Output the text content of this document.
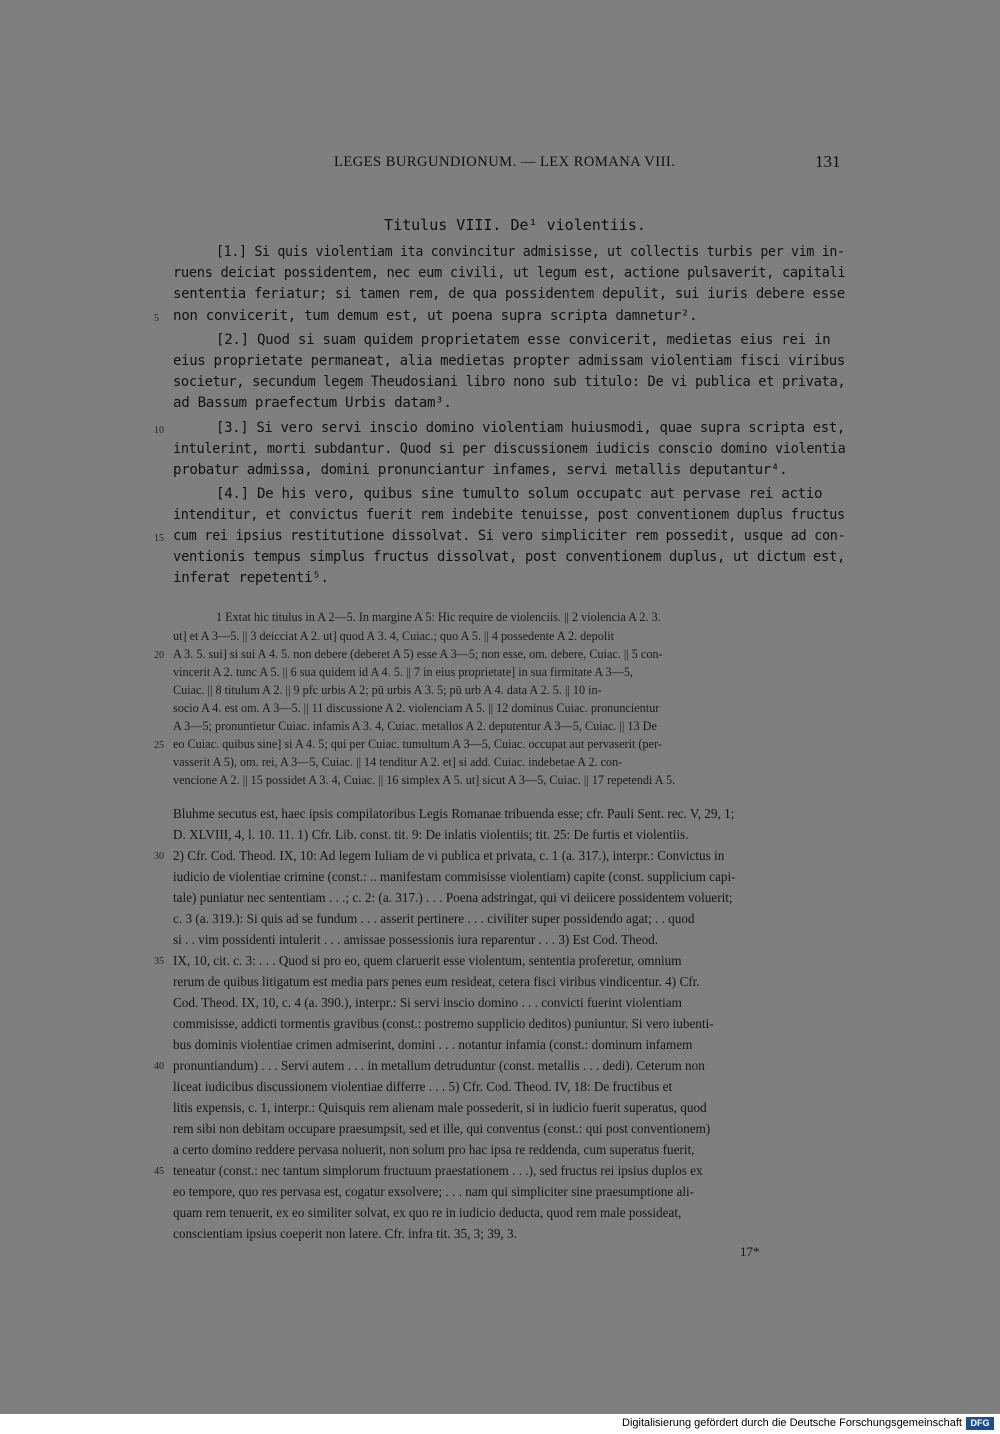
LEGES BURGUNDIONUM. — LEX ROMANA VIII.	131
Titulus VIII. De¹ violentiis.
[1.] Si quis violentiam ita convincitur admisisse, ut collectis turbis per vim in-
ruens deiciat possidentem, nec eum civili, ut legum est, actione pulsaverit, capitali
sententia feriatur; si tamen rem, de qua possidentem depulit, sui iuris debere esse
non convicerit, tum demum est, ut poena supra scripta damnetur².
[2.] Quod si suam quidem proprietatem esse convicerit, medietas eius rei in
eius proprietate permaneat, alia medietas propter admissam violentiam fisci viribus
societur, secundum legem Theudosiani libro nono sub titulo: De vi publica et privata,
ad Bassum praefectum Urbis datam³.
[3.] Si vero servi inscio domino violentiam huiusmodi, quae supra scripta est,
intulerint, morti subdantur. Quod si per discussionem iudicis conscio domino violentia
probatur admissa, domini pronunciantur infames, servi metallis deputantur⁴.
[4.] De his vero, quibus sine tumulto solum occupatc aut pervase rei actio
intenditur, et convictus fuerit rem indebite tenuisse, post conventionem duplus fructus
cum rei ipsius restitutione dissolvat. Si vero simpliciter rem possedit, usque ad con-
ventionis tempus simplus fructus dissolvat, post conventionem duplus, ut dictum est,
inferat repetenti⁵.
5
10
15
1 Extat hic titulus in A 2—5. In margine A 5: Hic require de violenciis. || 2 violencia A 2. 3.
ut] et A 3—5. || 3 deicciat A 2. ut] quod A 3. 4, Cuiac.; quo A 5. || 4 possedente A 2. depolit
A 3. 5. sui] si sui A 4. 5. non debere (deberet A 5) esse A 3—5; non esse, om. debere, Cuiac. || 5 con-
vincerit A 2. tunc A 5. || 6 sua quidem id A 4. 5. || 7 in eius proprietate] in sua firmitate A 3—5,
Cuiac. || 8 titulum A 2. || 9 pfc urbis A 2; pū urbis A 3. 5; pū urb A 4. data A 2. 5. || 10 in-
socio A 4. est om. A 3—5. || 11 discussione A 2. violenciam A 5. || 12 dominus Cuiac. pronuncientur
A 3—5; pronuntietur Cuiac. infamis A 3. 4, Cuiac. metallos A 2. deputentur A 3—5, Cuiac. || 13 De
eo Cuiac. quibus sine] si A 4. 5; qui per Cuiac. tumultum A 3—5, Cuiac. occupat aut pervaserit (per-
vasserit A 5), om. rei, A 3—5, Cuiac. || 14 tenditur A 2. et] si add. Cuiac. indebetae A 2. con-
vencione A 2. || 15 possidet A 3. 4, Cuiac. || 16 simplex A 5. ut] sicut A 3—5, Cuiac. || 17 repetendi A 5.
20
25
Bluhme secutus est, haec ipsis compilatoribus Legis Romanae tribuenda esse; cfr. Pauli Sent. rec. V, 29, 1;
D. XLVIII, 4, l. 10. 11. 1) Cfr. Lib. const. tit. 9: De inlatis violentiis; tit. 25: De furtis et violentiis.
2) Cfr. Cod. Theod. IX, 10: Ad legem Iuliam de vi publica et privata, c. 1 (a. 317.), interpr.: Convictus in
iudicio de violentiae crimine (const.: .. manifestam commisisse violentiam) capite (const. supplicium capi-
tale) puniatur nec sententiam . . .; c. 2: (a. 317.) . . . Poena adstringat, qui vi deiicere possidentem voluerit;
c. 3 (a. 319.): Si quis ad se fundum . . . asserit pertinere . . . civiliter super possidendo agat; . . quod
si . . vim possidenti intulerit . . . amissae possessionis iura reparentur . . . 3) Est Cod. Theod.
IX, 10, cit. c. 3: . . . Quod si pro eo, quem claruerit esse violentum, sententia proferetur, omnium
rerum de quibus litigatum est media pars penes eum resideat, cetera fisci viribus vindicentur. 4) Cfr.
Cod. Theod. IX, 10, c. 4 (a. 390.), interpr.: Si servi inscio domino . . . convicti fuerint violentiam
commisisse, addicti tormentis gravibus (const.: postremo supplicio deditos) puniuntur. Si vero iubenti-
bus dominis violentiae crimen admiserint, domini . . . notantur infamia (const.: dominum infamem
pronuntiandum) . . . Servi autem . . . in metallum detruduntur (const. metallis . . . dedi). Ceterum non
liceat iudicibus discussionem violentiae differre . . . 5) Cfr. Cod. Theod. IV, 18: De fructibus et
litis expensis, c. 1, interpr.: Quisquis rem alienam male possederit, si in iudicio fuerit superatus, quod
rem sibi non debitam occupare praesumpsit, sed et ille, qui conventus (const.: qui post conventionem)
a certo domino reddere pervasa noluerit, non solum pro hac ipsa re reddenda, cum superatus fuerit,
teneatur (const.: nec tantum simplorum fructuum praestationem . . .), sed fructus rei ipsius duplos ex
eo tempore, quo res pervasa est, cogatur exsolvere; . . . nam qui simpliciter sine praesumptione ali-
quam rem tenuerit, ex eo similiter solvat, ex quo re in iudicio deducta, quod rem male possideat,
conscientiam ipsius coeperit non latere. Cfr. infra tit. 35, 3; 39, 3.
30
35
40
45
17*
Digitalisierung gefördert durch die Deutsche Forschungsgemeinschaft DFG
